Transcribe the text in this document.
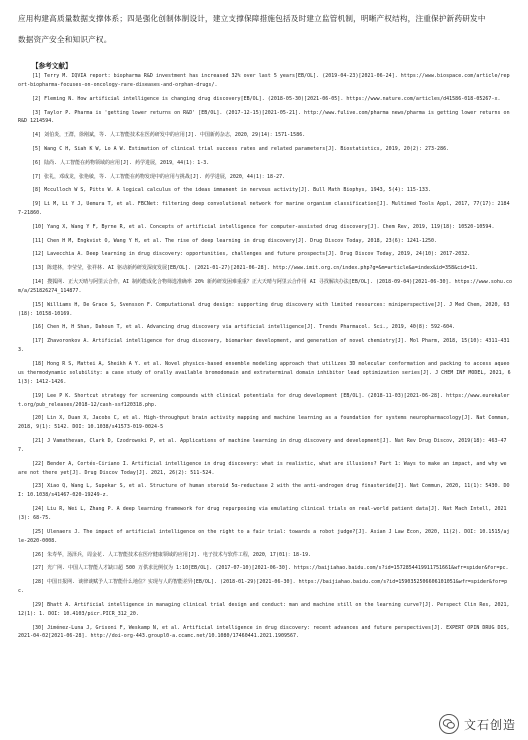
应用构建高质量数据支撑体系；四是强化创制体制设计，建立支撑保障措施包括及时建立监管机制，明晰产权结构，注重保护新药研发中
数据资产安全和知识产权。
【参考文献】
[1] Terry M. IQVIA report: biopharma R&D investment has increased 32% over last 5 years[EB/OL]. (2019-04-23)[2021-06-24]. https://www.biospace.com/article/report-biopharma-focuses-on-oncology-rare-diseases-and-orphan-drugs/.
[2] Fleming N. How artificial intelligence is changing drug discovery[EB/OL]. (2018-05-30)[2021-06-05]. https://www.nature.com/articles/d41586-018-05267-x.
[3] Taylor P. Pharma is 'getting lower returns on R&D' [EB/OL]. (2017-12-15)[2021-05-21]. http://www.fulive.com/pharma news/pharma is getting lower returns on R&D 1214594.
[4] 刘伯炎，王群，徐刚斌，等. 人工智能技术在医药研发中的应用[J]. 中国新药杂志，2020，29(14)：1571-1586.
[5] Wang C H, Siah K W, Lo A W. Estimation of clinical trial success rates and related parameters[J]. Biostatistics, 2019, 20(2): 273-286.
[6] 陆尚. 人工智能在药物领域的应用[J]. 药学进展，2019，44(1)：1-3.
[7] 张礼，邓成龙，张艳敏，等. 人工智能在药物发现中的应用与挑战[J]. 药学进展，2020，44(1)：18-27.
[8] Mcculloch W S, Pitts W. A logical calculus of the ideas immanent in nervous activity[J]. Bull Math Biophys, 1943, 5(4): 115-133.
[9] Li M, Li Y J, Uemura T, et al. FBCNet: filtering deep convolutional network for marine organism classification[J]. Multimed Tools Appl, 2017, 77(17): 21847-21860.
[10] Yang X, Wang Y F, Byrne R, et al. Concepts of artificial intelligence for computer-assisted drug discovery[J]. Chem Rev, 2019, 119(18): 10520-10594.
[11] Chen H M, Engkvist O, Wang Y H, et al. The rise of deep learning in drug discovery[J]. Drug Discov Today, 2018, 23(6): 1241-1250.
[12] Lavecchia A. Deep learning in drug discovery: opportunities, challenges and future prospects[J]. Drug Discov Today, 2019, 24(10): 2017-2032.
[13] 陈建林，李莹莹，张祥林. AI 驱动新药研发深度发展[EB/OL]. (2021-01-27)[2021-06-28]. http://www.imit.org.cn/index.php?g=&m=article&a=index&id=358&cid=11.
[14] 搜狐网. 正大天晴与阿里云合作，AI 制药能成化合物筛选准确率 20% 新药研发困难重重？正大天晴与阿里云合作用 AI 寻找解决办法[EB/OL]. (2018-09-04)[2021-06-30]. https://www.sohu.com/a/251826274_114877.
[15] Williams H, De Grace S, Svensson F. Computational drug design: supporting drug discovery with limited resources: miniperspective[J]. J Med Chem, 2020, 63(18): 10158-10169.
[16] Chen H, H Shan, Dahoun T, et al. Advancing drug discovery via artificial intelligence[J]. Trends Pharmacol. Sci., 2019, 40(8): 592-604.
[17] Zhavoronkov A. Artificial intelligence for drug discovery, biomarker development, and generation of novel chemistry[J]. Mol Pharm, 2018, 15(10): 4311-4313.
[18] Hong R S, Mattei A, Sheikh A Y. et al. Novel physics-based ensemble modeling approach that utilizes 3D molecular conformation and packing to access aqueous thermodynamic solubility: a case study of orally available bromodomain and extraterminal domain inhibitor lead optimization series[J]. J CHEM INF MODEL, 2021, 61(3): 1412-1426.
[19] Lee P K. Shortcut strategy for screening compounds with clinical potentials for drug development [EB/OL]. (2018-11-03)[2021-06-28]. https://www.eurekalert.org/pub_releases/2018-12/cash-ssf120318.php.
[20] Lin X, Duan X, Jacobs C, et al. High-throughput brain activity mapping and machine learning as a foundation for systems neuropharmacology[J]. Nat Commun, 2018, 9(1): 5142. DOI: 10.1038/s41573-019-0024-5
[21] J Vamathevan, Clark D, Czodrowski P, et al. Applications of machine learning in drug discovery and development[J]. Nat Rev Drug Discov, 2019(18): 463-477.
[22] Bender A, Cortés-Ciriano I. Artificial intelligence in drug discovery: what is realistic, what are illusions? Part 1: Ways to make an impact, and why we are not there yet[J]. Drug Discov Today[J]. 2021, 26(2): 511-524.
[23] Xiao Q, Wang L, Supekar S, et al. Structure of human steroid 5α-reductase 2 with the anti-androgen drug finasteride[J]. Nat Commun, 2020, 11(1): 5430. DOI: 10.1038/s41467-020-19249-z.
[24] Liu R, Wei L, Zhang P. A deep learning framework for drug repurposing via emulating clinical trials on real-world patient data[J]. Nat Mach Intell, 2021(3): 68-75.
[25] Ulenaers J. The impact of artificial intelligence on the right to a fair trial: towards a robot judge?[J]. Asian J Law Econ, 2020, 11(2). DOI: 10.1515/ajle-2020-0008.
[26] 朱寿华，汤泽兵，周金花. 人工智能技术在医疗健康领域的应用[J]. 电子技术与软件工程，2020，17(01)：18-19.
[27] 光广网. 中国人工智能人才缺口超 500 万供求比例仅为 1:10[EB/OL]. (2017-07-10)[2021-06-30]. https://baijiahao.baidu.com/s?id=1572854419911751661&wfr=spider&for=pc.
[28] 中国日报网. 谈律谈赋予人工智能什么地位？实现与人的智能差异[EB/OL]. (2018-01-29)[2021-06-30]. https://baijiahao.baidu.com/s?id=1590352506606101051&wfr=spider&for=pc.
[29] Bhatt A. Artificial intelligence in managing clinical trial design and conduct: man and machine still on the learning curve?[J]. Perspect Clin Res, 2021, 12(1): 1. DOI: 10.4103/picr.PICR_312_20.
[30] Jiménez-Luna J, Grisoni F, Weskamp N, et al. Artificial intelligence in drug discovery: recent advances and future perspectives[J]. EXPERT OPIN DRUG DIS, 2021-04-02[2021-06-28]. http://doi-org-443.groupl0-a.ccamc.net/10.1080/17460441.2021.1909567.
文石创造
